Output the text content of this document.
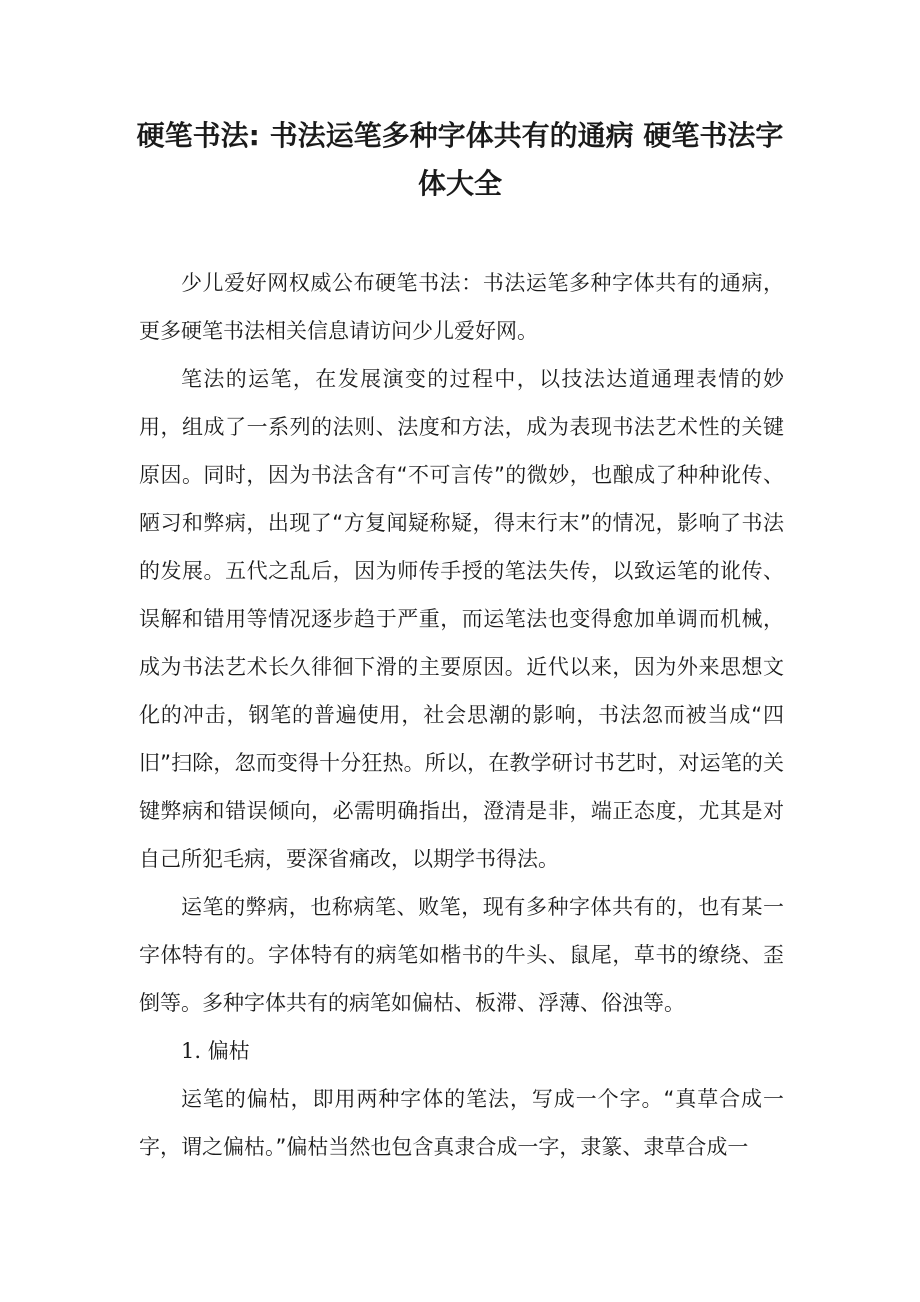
硬笔书法: 书法运笔多种字体共有的通病 硬笔书法字体大全

少儿爱好网权威公布硬笔书法：书法运笔多种字体共有的通病，更多硬笔书法相关信息请访问少儿爱好网。

笔法的运笔，在发展演变的过程中，以技法达道通理表情的妙用，组成了一系列的法则、法度和方法，成为表现书法艺术性的关键原因。同时，因为书法含有“不可言传”的微妙，也酿成了种种讹传、陋习和弊病，出现了“方复闻疑称疑，得末行末”的情况，影响了书法的发展。五代之乱后，因为师传手授的笔法失传，以致运笔的讹传、误解和错用等情况逐步趋于严重，而运笔法也变得愈加单调而机械，成为书法艺术长久徘徊下滑的主要原因。近代以来，因为外来思想文化的冲击，钢笔的普遍使用，社会思潮的影响，书法忽而被当成“四旧”扫除，忽而变得十分狂热。所以，在教学研讨书艺时，对运笔的关键弊病和错误倾向，必需明确指出，澄清是非，端正态度，尤其是对自己所犯毛病，要深省痛改，以期学书得法。

运笔的弊病，也称病笔、败笔，现有多种字体共有的，也有某一字体特有的。字体特有的病笔如楷书的牛头、鼠尾，草书的缭绕、歪倒等。多种字体共有的病笔如偏枯、板滞、浮薄、俗浊等。

1. 偏枯

运笔的偏枯，即用两种字体的笔法，写成一个字。“真草合成一字，谓之偏枯。”偏枯当然也包含真隶合成一字，隶篆、隶草合成一
